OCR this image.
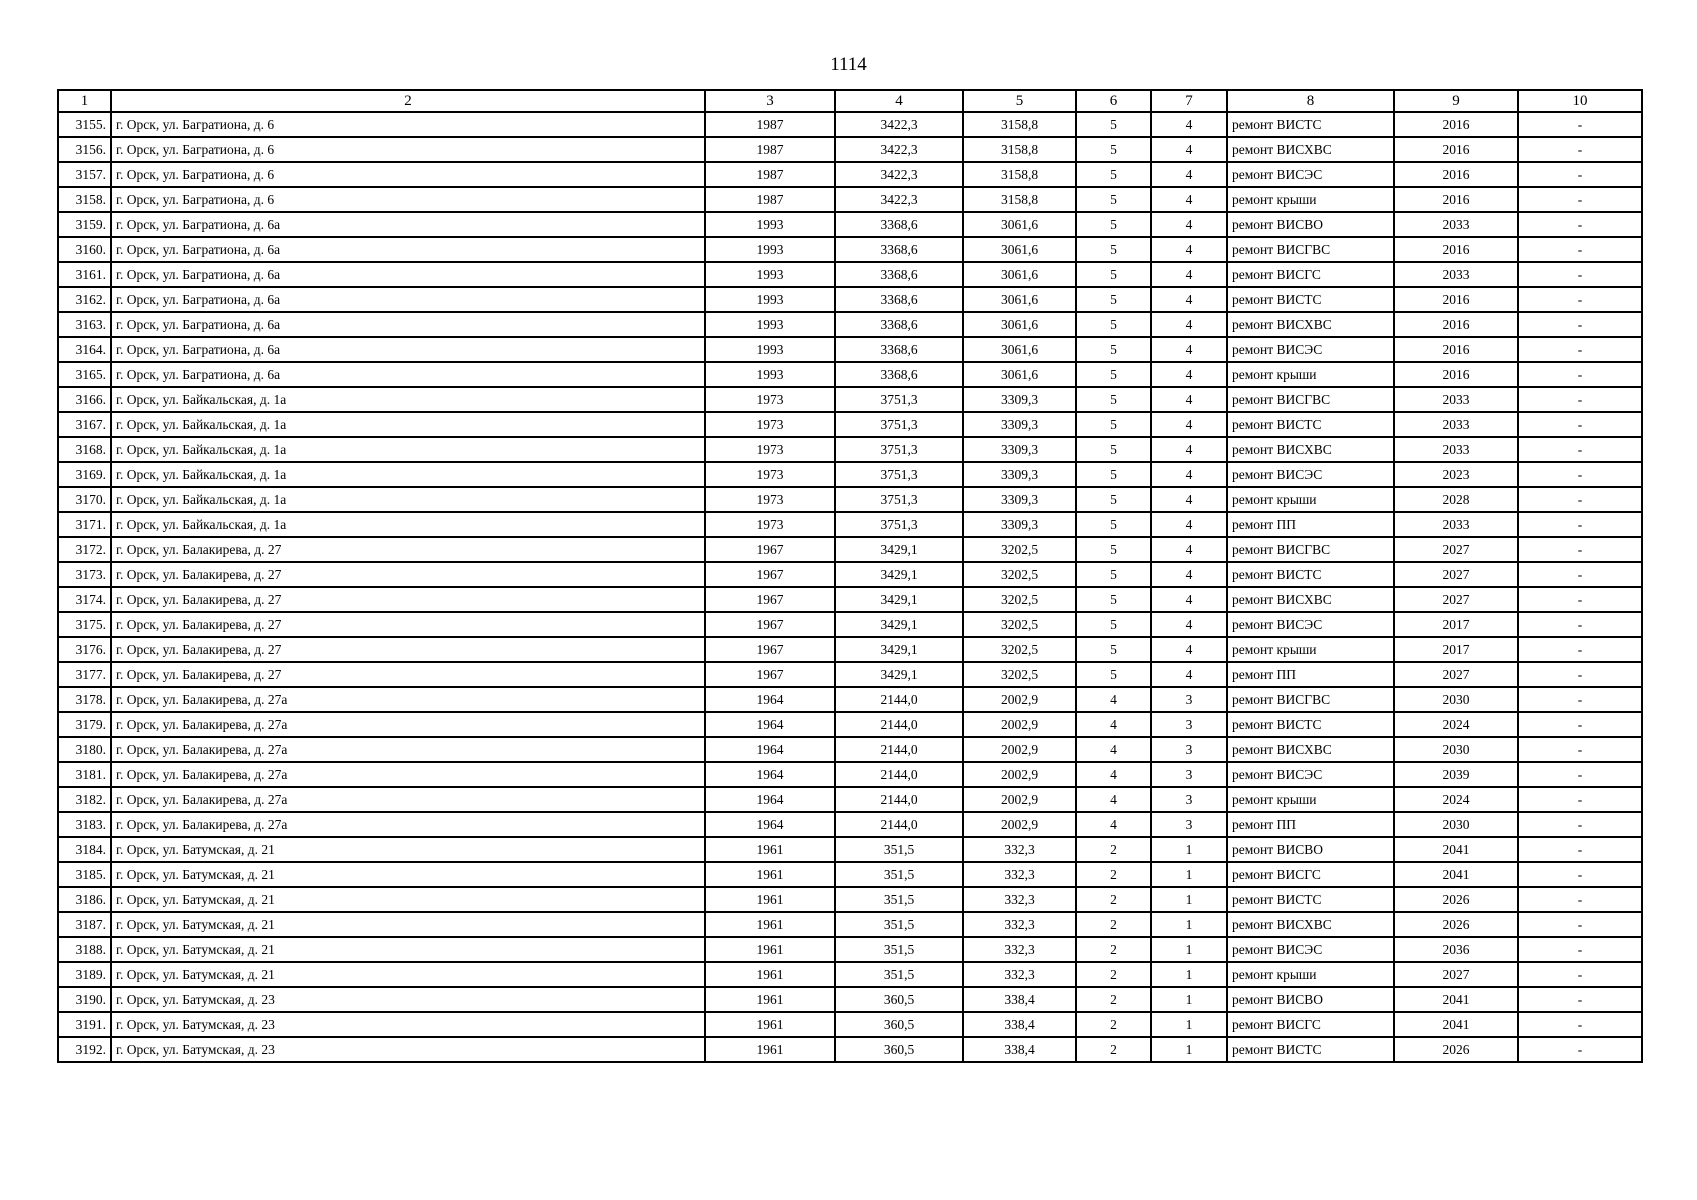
1114
1	2	3	4	5	6	7	8	9	10
3155.	г. Орск, ул. Багратиона, д. 6	1987	3422,3	3158,8	5	4	ремонт ВИСТС	2016	-
3156.	г. Орск, ул. Багратиона, д. 6	1987	3422,3	3158,8	5	4	ремонт ВИСХВС	2016	-
3157.	г. Орск, ул. Багратиона, д. 6	1987	3422,3	3158,8	5	4	ремонт ВИСЭС	2016	-
3158.	г. Орск, ул. Багратиона, д. 6	1987	3422,3	3158,8	5	4	ремонт крыши	2016	-
3159.	г. Орск, ул. Багратиона, д. 6а	1993	3368,6	3061,6	5	4	ремонт ВИСВО	2033	-
3160.	г. Орск, ул. Багратиона, д. 6а	1993	3368,6	3061,6	5	4	ремонт ВИСГВС	2016	-
3161.	г. Орск, ул. Багратиона, д. 6а	1993	3368,6	3061,6	5	4	ремонт ВИСГС	2033	-
3162.	г. Орск, ул. Багратиона, д. 6а	1993	3368,6	3061,6	5	4	ремонт ВИСТС	2016	-
3163.	г. Орск, ул. Багратиона, д. 6а	1993	3368,6	3061,6	5	4	ремонт ВИСХВС	2016	-
3164.	г. Орск, ул. Багратиона, д. 6а	1993	3368,6	3061,6	5	4	ремонт ВИСЭС	2016	-
3165.	г. Орск, ул. Багратиона, д. 6а	1993	3368,6	3061,6	5	4	ремонт крыши	2016	-
3166.	г. Орск, ул. Байкальская, д. 1а	1973	3751,3	3309,3	5	4	ремонт ВИСГВС	2033	-
3167.	г. Орск, ул. Байкальская, д. 1а	1973	3751,3	3309,3	5	4	ремонт ВИСТС	2033	-
3168.	г. Орск, ул. Байкальская, д. 1а	1973	3751,3	3309,3	5	4	ремонт ВИСХВС	2033	-
3169.	г. Орск, ул. Байкальская, д. 1а	1973	3751,3	3309,3	5	4	ремонт ВИСЭС	2023	-
3170.	г. Орск, ул. Байкальская, д. 1а	1973	3751,3	3309,3	5	4	ремонт крыши	2028	-
3171.	г. Орск, ул. Байкальская, д. 1а	1973	3751,3	3309,3	5	4	ремонт ПП	2033	-
3172.	г. Орск, ул. Балакирева, д. 27	1967	3429,1	3202,5	5	4	ремонт ВИСГВС	2027	-
3173.	г. Орск, ул. Балакирева, д. 27	1967	3429,1	3202,5	5	4	ремонт ВИСТС	2027	-
3174.	г. Орск, ул. Балакирева, д. 27	1967	3429,1	3202,5	5	4	ремонт ВИСХВС	2027	-
3175.	г. Орск, ул. Балакирева, д. 27	1967	3429,1	3202,5	5	4	ремонт ВИСЭС	2017	-
3176.	г. Орск, ул. Балакирева, д. 27	1967	3429,1	3202,5	5	4	ремонт крыши	2017	-
3177.	г. Орск, ул. Балакирева, д. 27	1967	3429,1	3202,5	5	4	ремонт ПП	2027	-
3178.	г. Орск, ул. Балакирева, д. 27а	1964	2144,0	2002,9	4	3	ремонт ВИСГВС	2030	-
3179.	г. Орск, ул. Балакирева, д. 27а	1964	2144,0	2002,9	4	3	ремонт ВИСТС	2024	-
3180.	г. Орск, ул. Балакирева, д. 27а	1964	2144,0	2002,9	4	3	ремонт ВИСХВС	2030	-
3181.	г. Орск, ул. Балакирева, д. 27а	1964	2144,0	2002,9	4	3	ремонт ВИСЭС	2039	-
3182.	г. Орск, ул. Балакирева, д. 27а	1964	2144,0	2002,9	4	3	ремонт крыши	2024	-
3183.	г. Орск, ул. Балакирева, д. 27а	1964	2144,0	2002,9	4	3	ремонт ПП	2030	-
3184.	г. Орск, ул. Батумская, д. 21	1961	351,5	332,3	2	1	ремонт ВИСВО	2041	-
3185.	г. Орск, ул. Батумская, д. 21	1961	351,5	332,3	2	1	ремонт ВИСГС	2041	-
3186.	г. Орск, ул. Батумская, д. 21	1961	351,5	332,3	2	1	ремонт ВИСТС	2026	-
3187.	г. Орск, ул. Батумская, д. 21	1961	351,5	332,3	2	1	ремонт ВИСХВС	2026	-
3188.	г. Орск, ул. Батумская, д. 21	1961	351,5	332,3	2	1	ремонт ВИСЭС	2036	-
3189.	г. Орск, ул. Батумская, д. 21	1961	351,5	332,3	2	1	ремонт крыши	2027	-
3190.	г. Орск, ул. Батумская, д. 23	1961	360,5	338,4	2	1	ремонт ВИСВО	2041	-
3191.	г. Орск, ул. Батумская, д. 23	1961	360,5	338,4	2	1	ремонт ВИСГС	2041	-
3192.	г. Орск, ул. Батумская, д. 23	1961	360,5	338,4	2	1	ремонт ВИСТС	2026	-
